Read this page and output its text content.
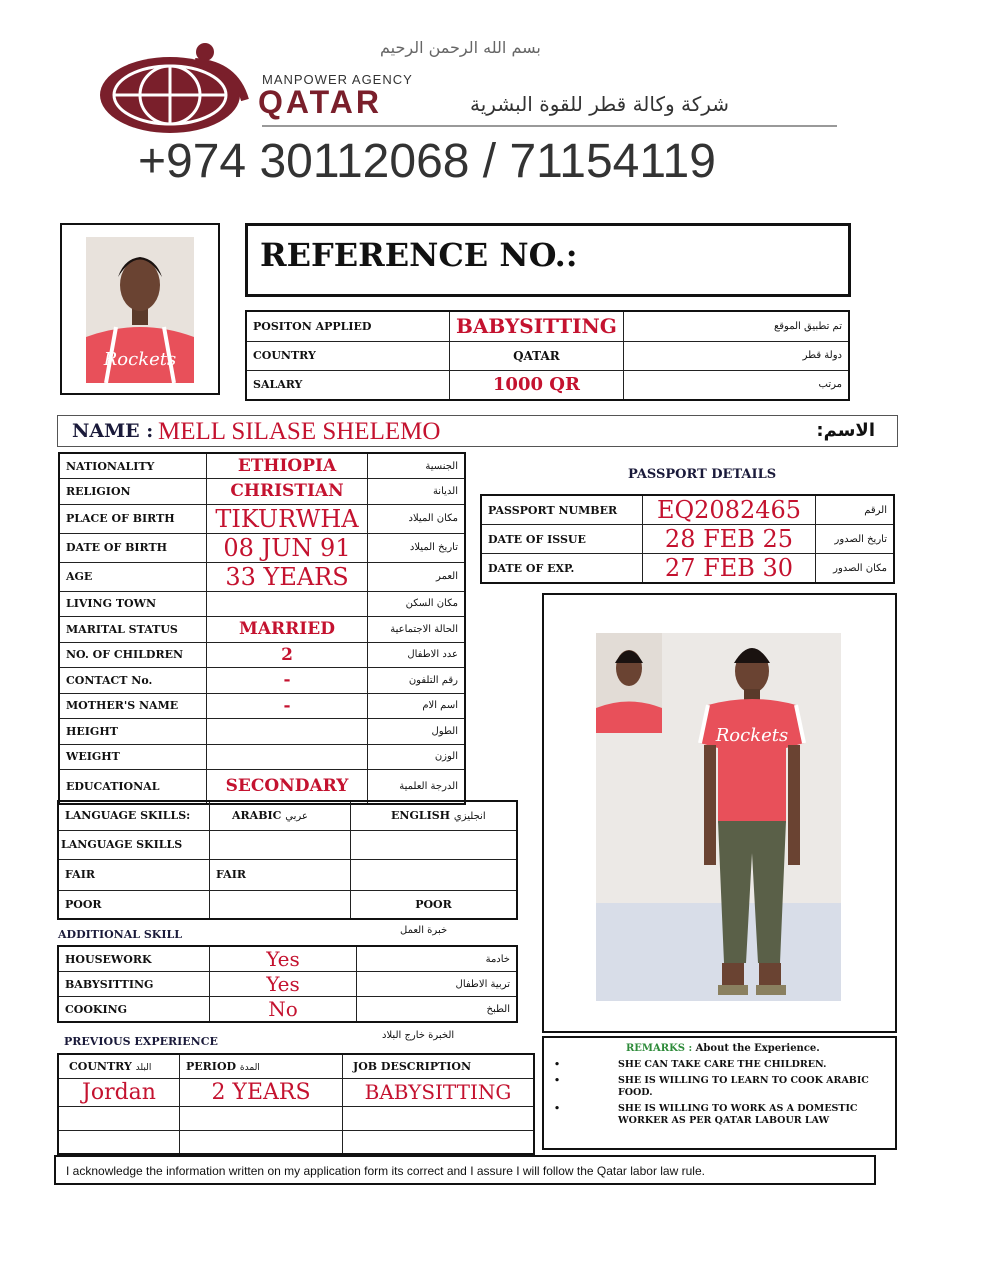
بسم الله الرحمن الرحيم
MANPOWER AGENCY
QATAR	شركة وكالة قطر للقوة البشرية
+974 30112068 / 71154119
Rockets
REFERENCE NO.:
POSITON APPLIED	BABYSITTING	تم تطبيق الموقع
COUNTRY	QATAR	دولة قطر
SALARY	1000 QR	مرتب
NAME : MELL SILASE SHELEMO	الاسم:
NATIONALITY	ETHIOPIA	الجنسية
RELIGION	CHRISTIAN	الديانة
PLACE OF BIRTH	TIKURWHA	مكان الميلاد
DATE OF BIRTH	08 JUN 91	تاريخ الميلاد
AGE	33 YEARS	العمر
LIVING TOWN		مكان السكن
MARITAL STATUS	MARRIED	الحالة الاجتماعية
NO. OF CHILDREN	2	عدد الاطفال
CONTACT No.	-	رقم التلفون
MOTHER'S NAME	-	اسم الام
HEIGHT		الطول
WEIGHT		الوزن
EDUCATIONAL	SECONDARY	الدرجة العلمية
PASSPORT DETAILS
PASSPORT NUMBER	EQ2082465	الرقم
DATE OF ISSUE	28 FEB 25	تاريخ الصدور
DATE OF EXP.	27 FEB 30	مكان الصدور
Rockets
LANGUAGE SKILLS:	ARABIC عربي	ENGLISH انجليزي
LANGUAGE SKILLS		
FAIR	FAIR	
POOR		POOR
ADDITIONAL SKILL	خبرة العمل
HOUSEWORK	Yes	خادمة
BABYSITTING	Yes	تربية الاطفال
COOKING	No	الطبخ
PREVIOUS EXPERIENCE	الخبرة خارج البلاد
COUNTRY البلد	PERIOD المدة	JOB DESCRIPTION
Jordan	2 YEARS	BABYSITTING

REMARKS : About the Experience.
•	SHE CAN TAKE CARE THE CHILDREN.
•	SHE IS WILLING TO LEARN TO COOK ARABIC FOOD.
•	SHE IS WILLING TO WORK AS A DOMESTIC WORKER AS PER QATAR LABOUR LAW
I acknowledge the information written on my application form its correct and I assure I will follow the Qatar labor law rule.
